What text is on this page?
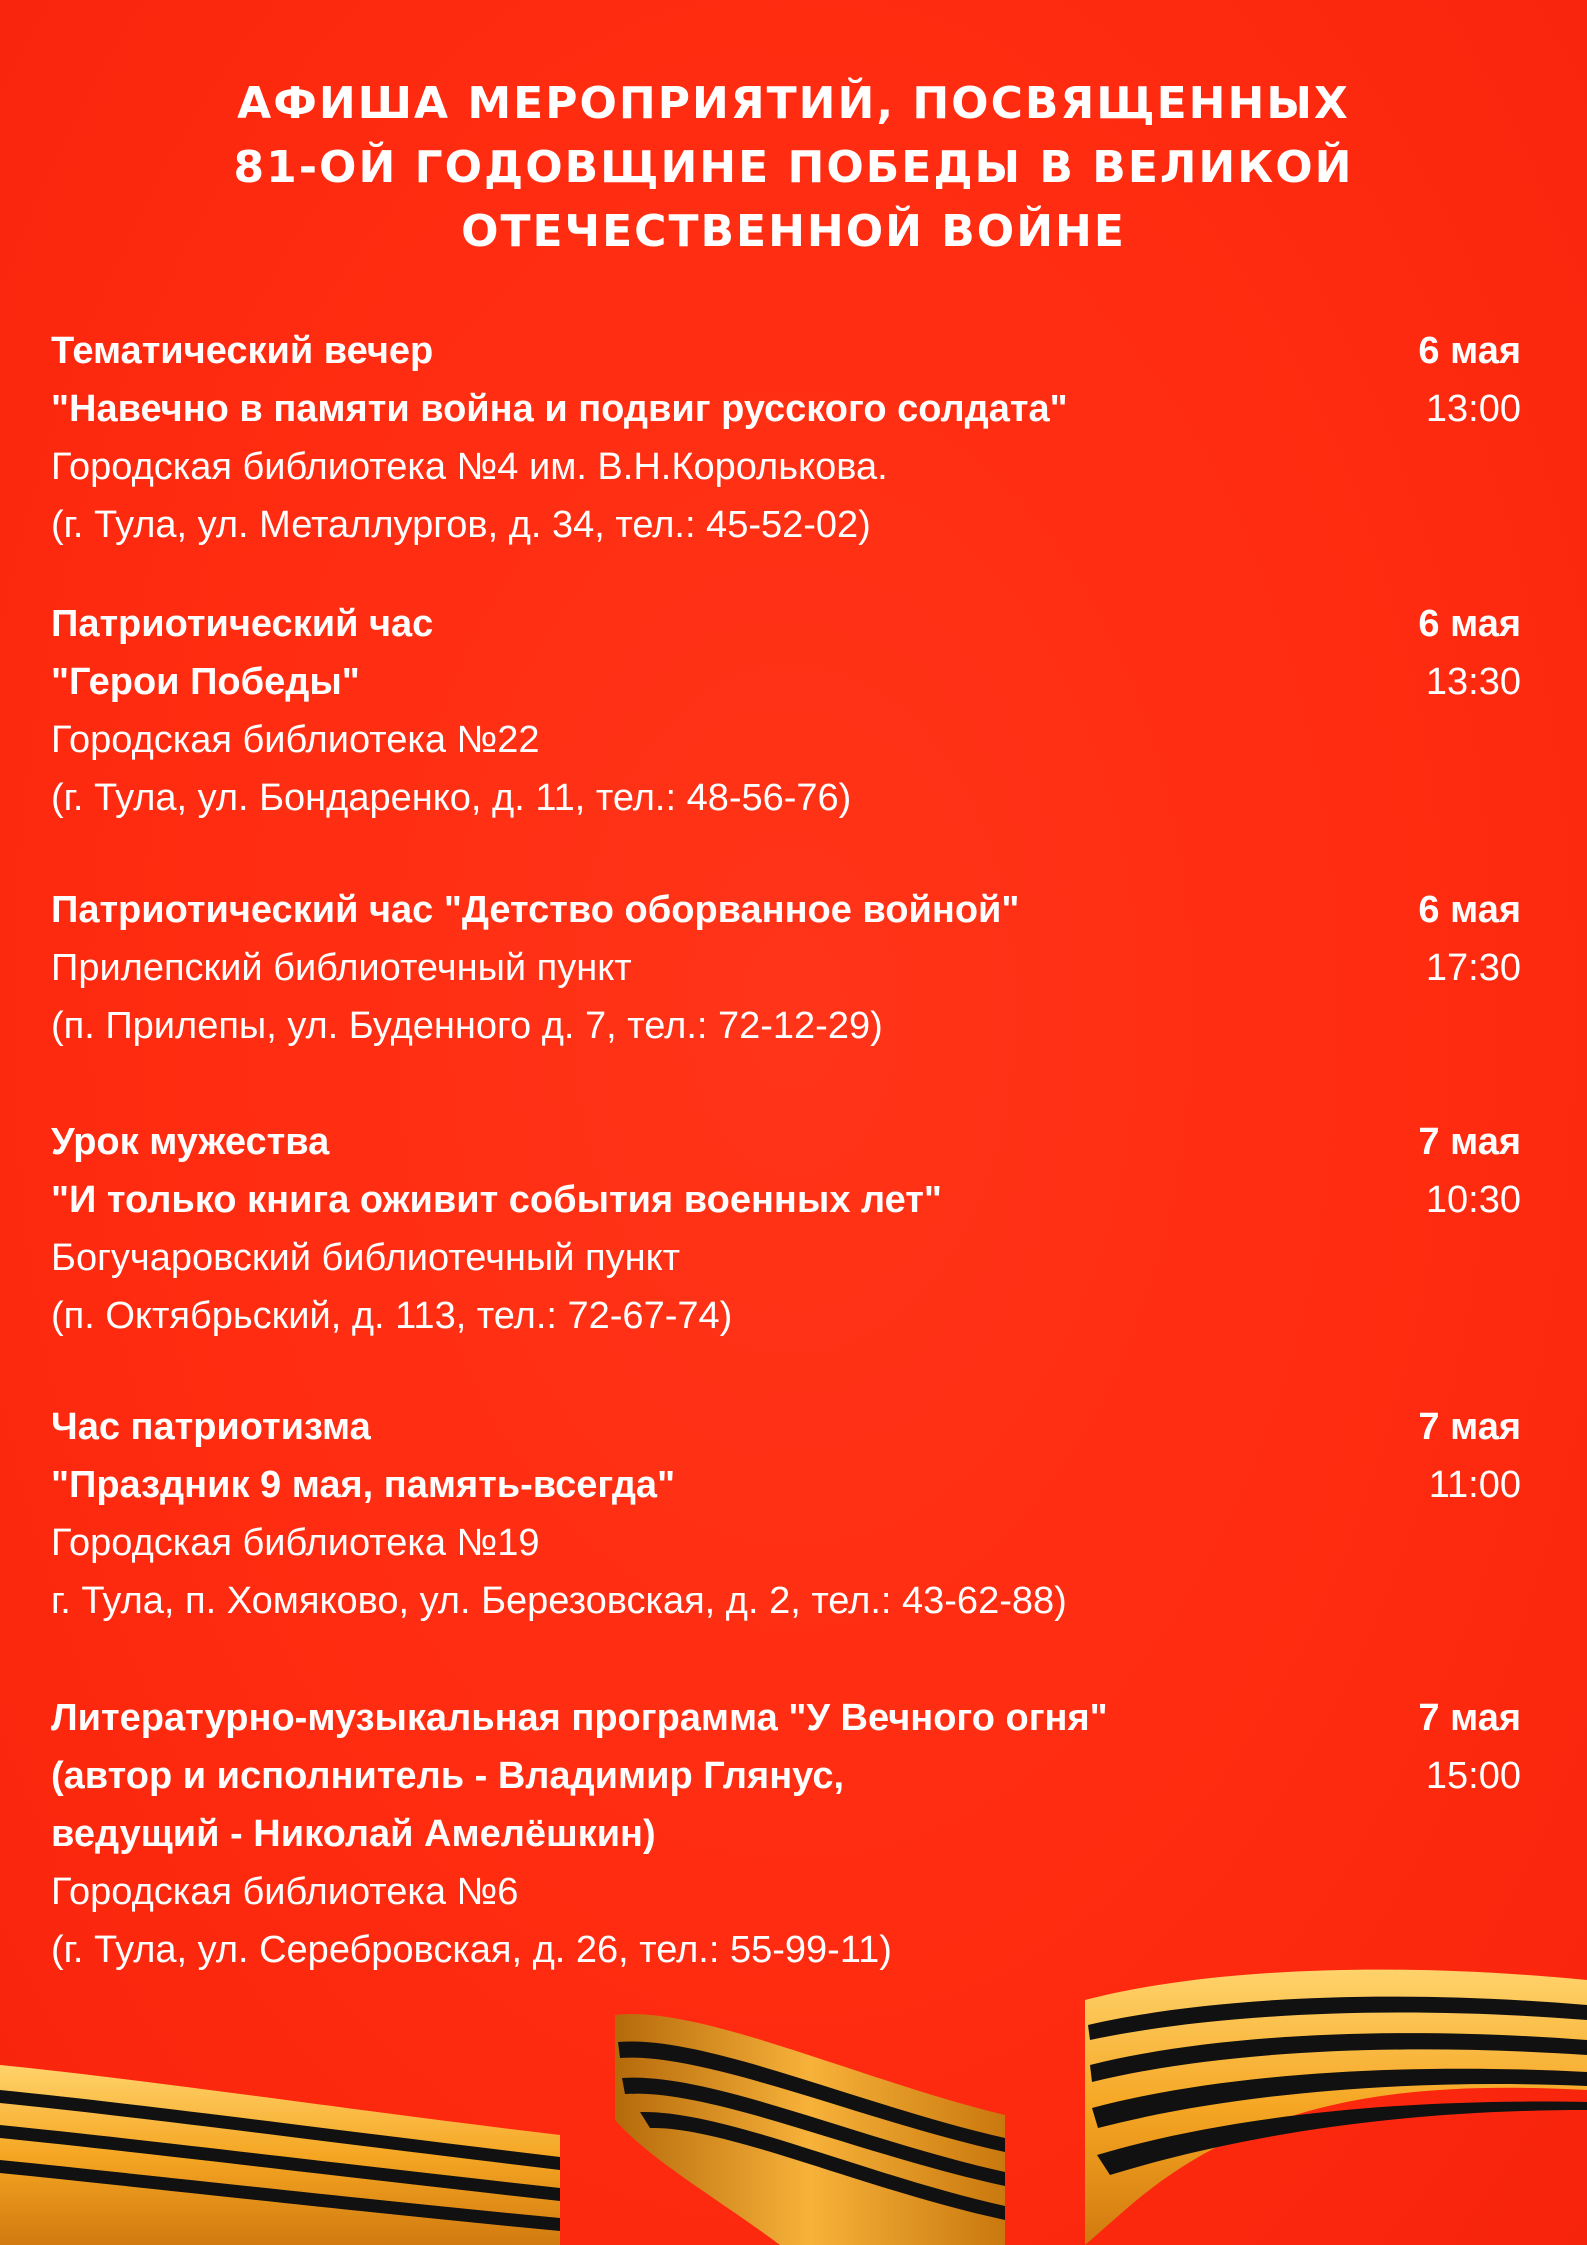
АФИША МЕРОПРИЯТИЙ, ПОСВЯЩЕННЫХ
81-ОЙ ГОДОВЩИНЕ ПОБЕДЫ В ВЕЛИКОЙ
ОТЕЧЕСТВЕННОЙ ВОЙНЕ
Тематический вечер
"Навечно в памяти война и подвиг русского солдата"
Городская библиотека №4 им. В.Н.Королькова.
(г. Тула, ул. Металлургов, д. 34, тел.: 45-52-02)
6 мая
13:00
Патриотический час
"Герои Победы"
Городская библиотека №22
(г. Тула, ул. Бондаренко, д. 11, тел.: 48-56-76)
6 мая
13:30
Патриотический час "Детство оборванное войной"
Прилепский библиотечный пункт
(п. Прилепы, ул. Буденного д. 7, тел.: 72-12-29)
6 мая
17:30
Урок мужества
"И только книга оживит события военных лет"
Богучаровский библиотечный пункт
(п. Октябрьский, д. 113, тел.: 72-67-74)
7 мая
10:30
Час патриотизма
"Праздник 9 мая, память-всегда"
Городская библиотека №19
г. Тула, п. Хомяково, ул. Березовская, д. 2, тел.: 43-62-88)
7 мая
11:00
Литературно-музыкальная программа "У Вечного огня"
(автор и исполнитель - Владимир Глянус,
ведущий - Николай Амелёшкин)
Городская библиотека №6
(г. Тула, ул. Серебровская, д. 26, тел.: 55-99-11)
7 мая
15:00
